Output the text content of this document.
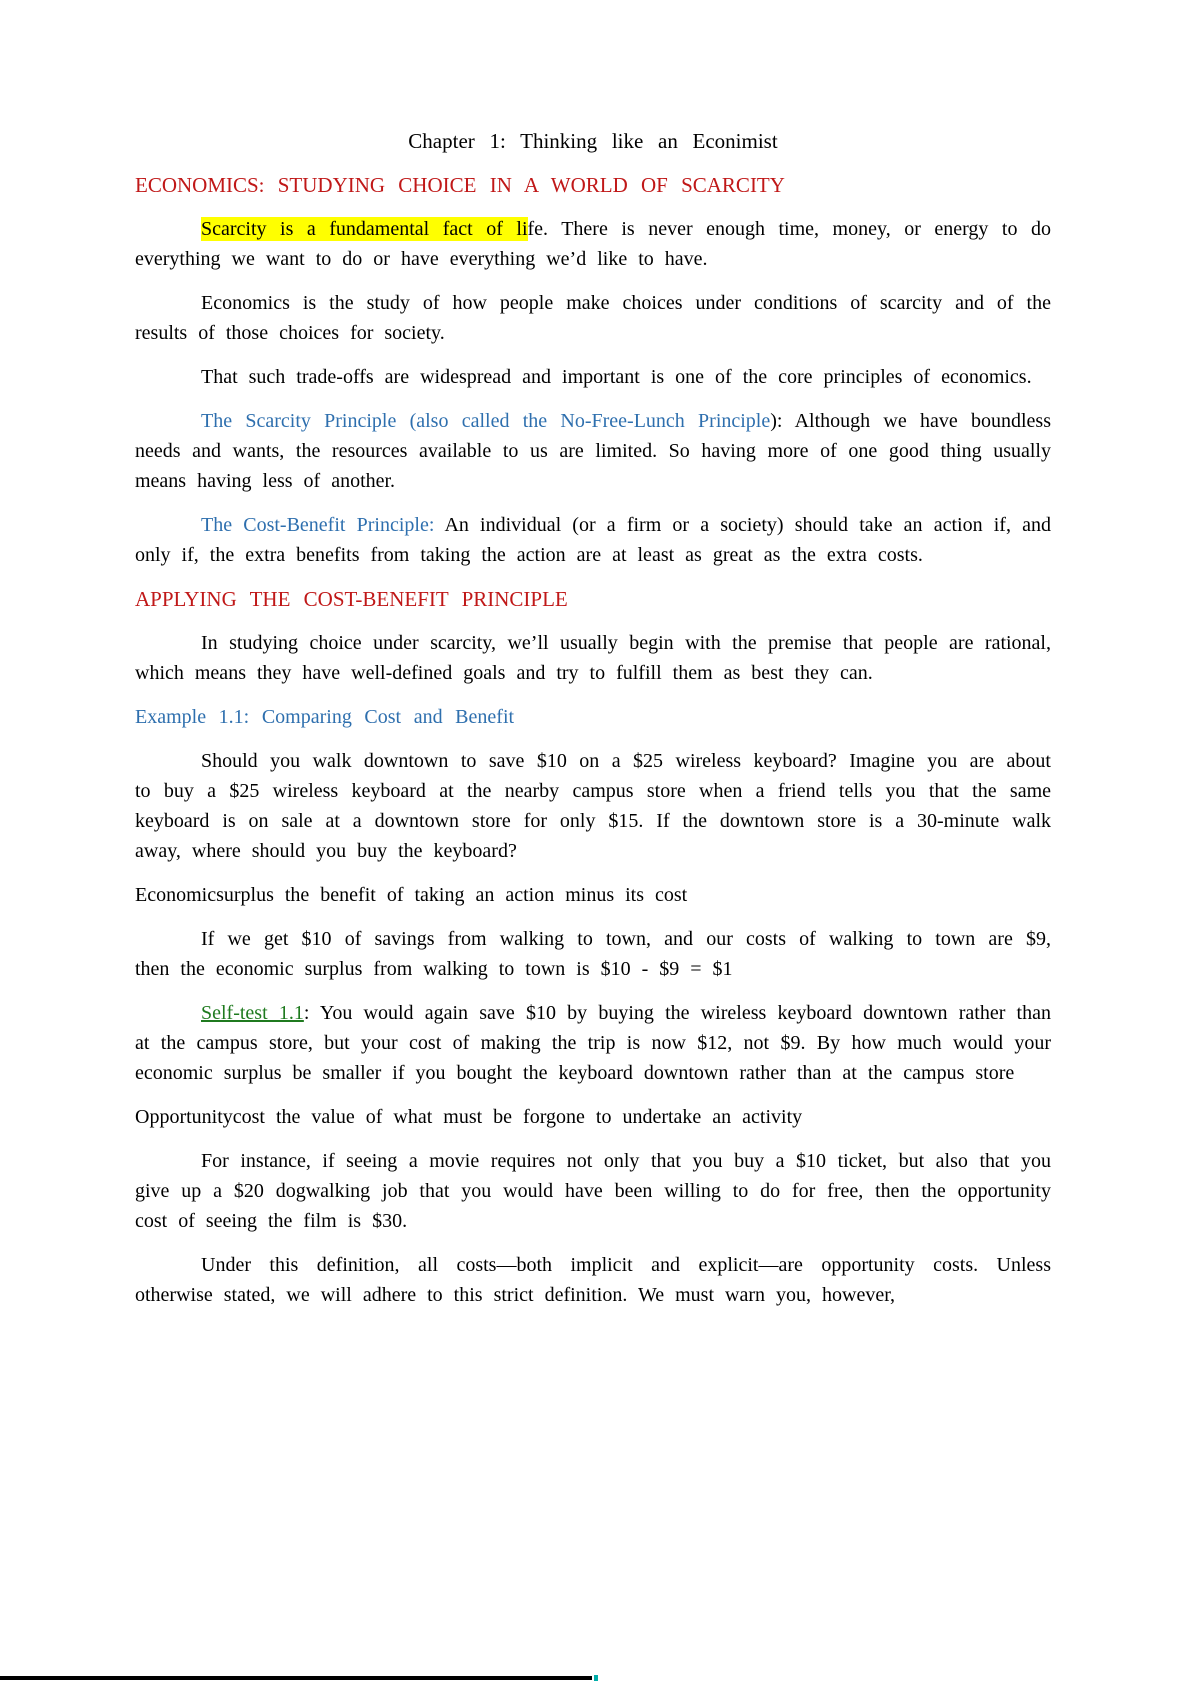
Chapter 1: Thinking like an Econimist
ECONOMICS: STUDYING CHOICE IN A WORLD OF SCARCITY

Scarcity is a fundamental fact of life. There is never enough time, money, or energy to do everything we want to do or have everything we’d like to have.

Economics is the study of how people make choices under conditions of scarcity and of the results of those choices for society.

That such trade-offs are widespread and important is one of the core principles of economics.

The Scarcity Principle (also called the No-Free-Lunch Principle): Although we have boundless needs and wants, the resources available to us are limited. So having more of one good thing usually means having less of another.

The Cost-Benefit Principle: An individual (or a firm or a society) should take an action if, and only if, the extra benefits from taking the action are at least as great as the extra costs.

APPLYING THE COST-BENEFIT PRINCIPLE

In studying choice under scarcity, we’ll usually begin with the premise that people are rational, which means they have well-defined goals and try to fulfill them as best they can.

Example 1.1: Comparing Cost and Benefit

Should you walk downtown to save $10 on a $25 wireless keyboard? Imagine you are about to buy a $25 wireless keyboard at the nearby campus store when a friend tells you that the same keyboard is on sale at a downtown store for only $15. If the downtown store is a 30-minute walk away, where should you buy the keyboard?

Economicsurplus the benefit of taking an action minus its cost

If we get $10 of savings from walking to town, and our costs of walking to town are $9, then the economic surplus from walking to town is $10 - $9 = $1

Self-test 1.1: You would again save $10 by buying the wireless keyboard downtown rather than at the campus store, but your cost of making the trip is now $12, not $9. By how much would your economic surplus be smaller if you bought the keyboard downtown rather than at the campus store

Opportunitycost the value of what must be forgone to undertake an activity

For instance, if seeing a movie requires not only that you buy a $10 ticket, but also that you give up a $20 dogwalking job that you would have been willing to do for free, then the opportunity cost of seeing the film is $30.

Under this definition, all costs—both implicit and explicit—are opportunity costs. Unless otherwise stated, we will adhere to this strict definition. We must warn you, however,
